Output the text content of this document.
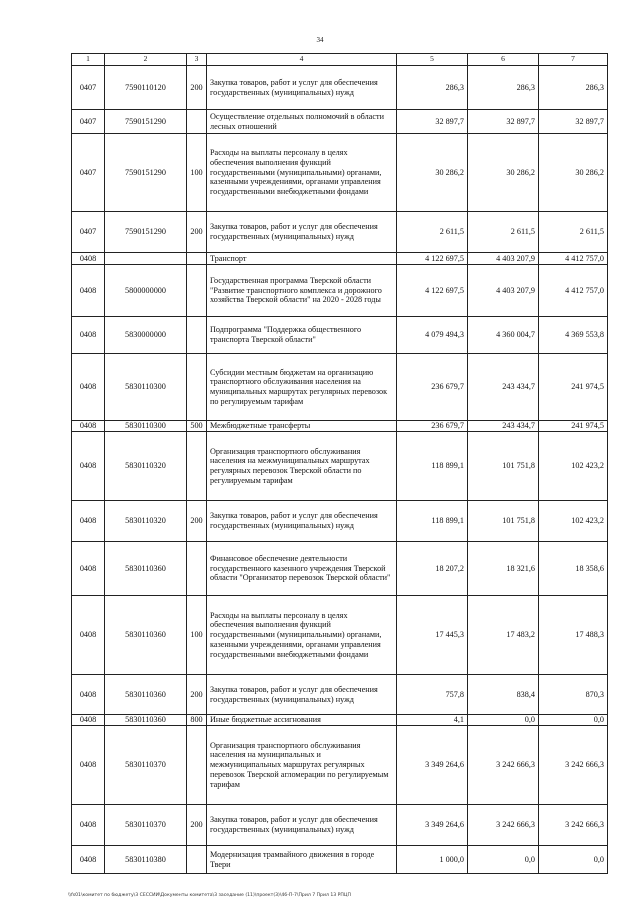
34
1	2	3	4	5	6	7
0407	7590110120	200	Закупка товаров, работ и услуг для обеспечения государственных (муниципальных) нужд	286,3	286,3	286,3
0407	7590151290		Осуществление отдельных полномочий в области лесных отношений	32 897,7	32 897,7	32 897,7
0407	7590151290	100	Расходы на выплаты персоналу в целях обеспечения выполнения функций государственными (муниципальными) органами, казенными учреждениями, органами управления государственными внебюджетными фондами	30 286,2	30 286,2	30 286,2
0407	7590151290	200	Закупка товаров, работ и услуг для обеспечения государственных (муниципальных) нужд	2 611,5	2 611,5	2 611,5
0408			Транспорт	4 122 697,5	4 403 207,9	4 412 757,0
0408	5800000000		Государственная программа Тверской области "Развитие транспортного комплекса и дорожного хозяйства Тверской области" на 2020 - 2028 годы	4 122 697,5	4 403 207,9	4 412 757,0
0408	5830000000		Подпрограмма "Поддержка общественного транспорта Тверской области"	4 079 494,3	4 360 004,7	4 369 553,8
0408	5830110300		Субсидии местным бюджетам на организацию транспортного обслуживания населения на муниципальных маршрутах регулярных перевозок по регулируемым тарифам	236 679,7	243 434,7	241 974,5
0408	5830110300	500	Межбюджетные трансферты	236 679,7	243 434,7	241 974,5
0408	5830110320		Организация транспортного обслуживания населения на межмуниципальных маршрутах регулярных перевозок Тверской области по регулируемым тарифам	118 899,1	101 751,8	102 423,2
0408	5830110320	200	Закупка товаров, работ и услуг для обеспечения государственных (муниципальных) нужд	118 899,1	101 751,8	102 423,2
0408	5830110360		Финансовое обеспечение деятельности государственного казенного учреждения Тверской области "Организатор перевозок Тверской области"	18 207,2	18 321,6	18 358,6
0408	5830110360	100	Расходы на выплаты персоналу в целях обеспечения выполнения функций государственными (муниципальными) органами, казенными учреждениями, органами управления государственными внебюджетными фондами	17 445,3	17 483,2	17 488,3
0408	5830110360	200	Закупка товаров, работ и услуг для обеспечения государственных (муниципальных) нужд	757,8	838,4	870,3
0408	5830110360	800	Иные бюджетные ассигнования	4,1	0,0	0,0
0408	5830110370		Организация транспортного обслуживания населения на муниципальных и межмуниципальных маршрутах регулярных перевозок Тверской агломерации по регулируемым тарифам	3 349 264,6	3 242 666,3	3 242 666,3
0408	5830110370	200	Закупка товаров, работ и услуг для обеспечения государственных (муниципальных) нужд	3 349 264,6	3 242 666,3	3 242 666,3
0408	5830110380		Модернизация трамвайного движения в городе Твери	1 000,0	0,0	0,0
\\fs01\комитет по бюджету\3 СЕССИИ\Документы комитета\3 заседание (11)\проект(3)\46-П-7\Прил 7 Прил 13 РПЦП
